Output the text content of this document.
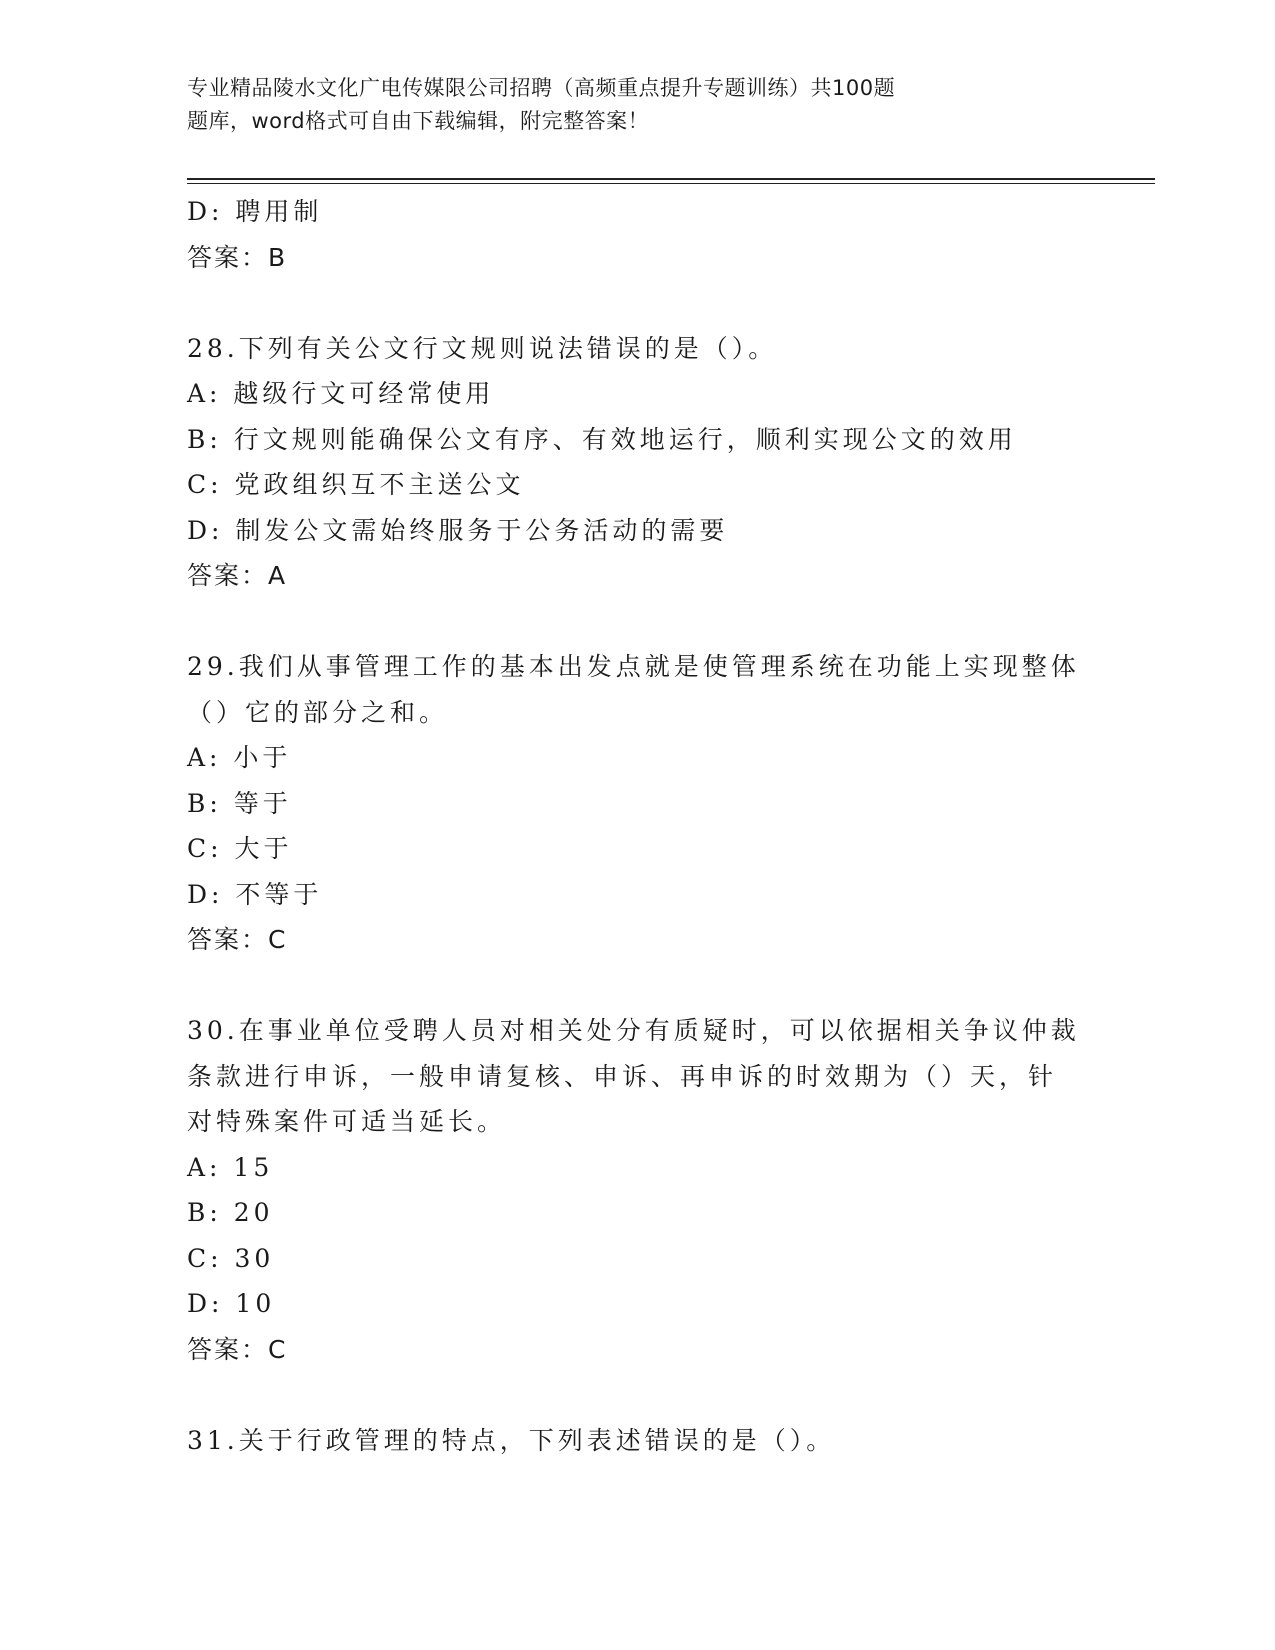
专业精品陵水文化广电传媒限公司招聘（高频重点提升专题训练）共100题
题库，word格式可自由下载编辑，附完整答案！
D: 聘用制
答案：B
28.下列有关公文行文规则说法错误的是（）。
A: 越级行文可经常使用
B: 行文规则能确保公文有序、有效地运行，顺利实现公文的效用
C: 党政组织互不主送公文
D: 制发公文需始终服务于公务活动的需要
答案：A
29.我们从事管理工作的基本出发点就是使管理系统在功能上实现整体
（）它的部分之和。
A: 小于
B: 等于
C: 大于
D: 不等于
答案：C
30.在事业单位受聘人员对相关处分有质疑时，可以依据相关争议仲裁
条款进行申诉，一般申请复核、申诉、再申诉的时效期为（）天，针
对特殊案件可适当延长。
A: 15
B: 20
C: 30
D: 10
答案：C
31.关于行政管理的特点，下列表述错误的是（）。
